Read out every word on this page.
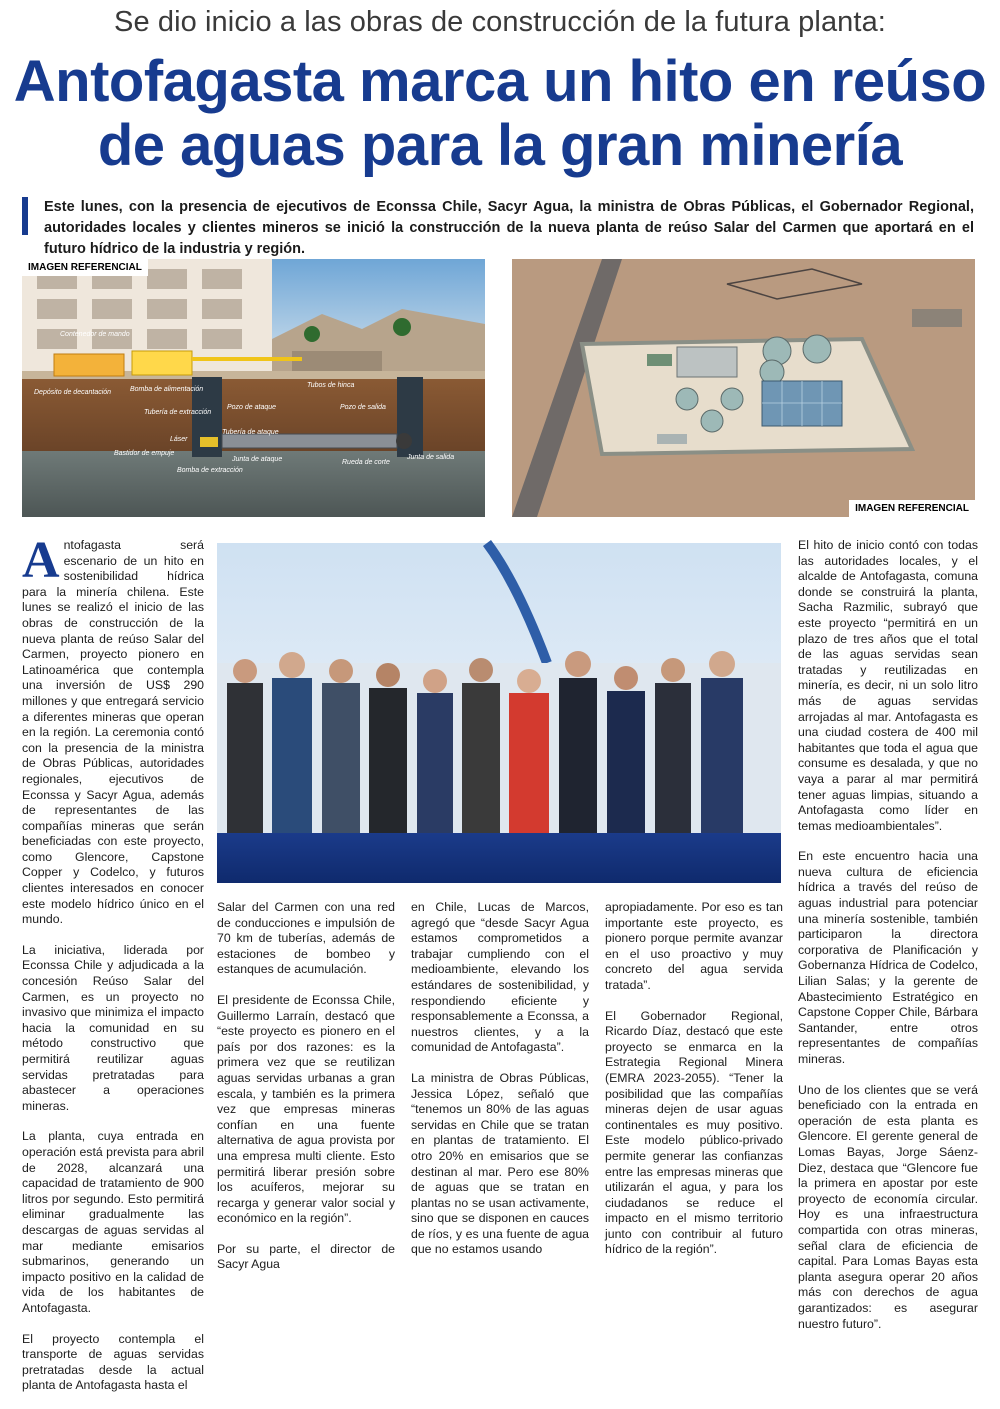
Se dio inicio a las obras de construcción de la futura planta:
Antofagasta marca un hito en reúso
de aguas para la gran minería
Este lunes, con la presencia de ejecutivos de Econssa Chile, Sacyr Agua, la ministra de Obras Públicas, el Gobernador Regional, autoridades locales y clientes mineros se inició la construcción de la nueva planta de reúso Salar del Carmen que aportará en el futuro hídrico de la industria y región.
Contenedor de mando
Depósito de decantación	Bomba de alimentación
Tubería de extracción
Láser
Bastidor de empuje
Bomba de extracción
Pozo de ataque
Tubería de ataque
Junta de ataque
Tubos de hinca
Pozo de salida
Rueda de corte
Junta de salida
IMAGEN REFERENCIAL
IMAGEN REFERENCIAL

Antofagasta será escenario de un hito en sostenibilidad hídrica para la minería chilena. Este lunes se realizó el inicio de las obras de construcción de la nueva planta de reúso Salar del Carmen, proyecto pionero en Latinoamérica que contempla una inversión de US$ 290 millones y que entregará servicio a diferentes mineras que operan en la región. La ceremonia contó con la presencia de la ministra de Obras Públicas, autoridades regionales, ejecutivos de Econssa y Sacyr Agua, además de representantes de las compañías mineras que serán beneficiadas con este proyecto, como Glencore, Capstone Copper y Codelco, y futuros clientes interesados en conocer este modelo hídrico único en el mundo.

La iniciativa, liderada por Econssa Chile y adjudicada a la concesión Reúso Salar del Carmen, es un proyecto no invasivo que minimiza el impacto hacia la comunidad en su método constructivo que permitirá reutilizar aguas servidas pretratadas para abastecer a operaciones mineras.

La planta, cuya entrada en operación está prevista para abril de 2028, alcanzará una capacidad de tratamiento de 900 litros por segundo. Esto permitirá eliminar gradualmente las descargas de aguas servidas al mar mediante emisarios submarinos, generando un impacto positivo en la calidad de vida de los habitantes de Antofagasta.

El proyecto contempla el transporte de aguas servidas pretratadas desde la actual planta de Antofagasta hasta el

Salar del Carmen con una red de conducciones e impulsión de 70 km de tuberías, además de estaciones de bombeo y estanques de acumulación.

El presidente de Econssa Chile, Guillermo Larraín, destacó que “este proyecto es pionero en el país por dos razones: es la primera vez que se reutilizan aguas servidas urbanas a gran escala, y también es la primera vez que empresas mineras confían en una fuente alternativa de agua provista por una empresa multi cliente. Esto permitirá liberar presión sobre los acuíferos, mejorar su recarga y generar valor social y económico en la región”.

Por su parte, el director de Sacyr Agua

en Chile, Lucas de Marcos, agregó que “desde Sacyr Agua estamos comprometidos a trabajar cumpliendo con el medioambiente, elevando los estándares de sostenibilidad, y respondiendo eficiente y responsablemente a Econssa, a nuestros clientes, y a la comunidad de Antofagasta”.

La ministra de Obras Públicas, Jessica López, señaló que “tenemos un 80% de las aguas servidas en Chile que se tratan en plantas de tratamiento. El otro 20% en emisarios que se destinan al mar. Pero ese 80% de aguas que se tratan en plantas no se usan activamente, sino que se disponen en cauces de ríos, y es una fuente de agua que no estamos usando

apropiadamente. Por eso es tan importante este proyecto, es pionero porque permite avanzar en el uso proactivo y muy concreto del agua servida tratada”.

El Gobernador Regional, Ricardo Díaz, destacó que este proyecto se enmarca en la Estrategia Regional Minera (EMRA 2023-2055). “Tener la posibilidad que las compañías mineras dejen de usar aguas continentales es muy positivo. Este modelo público-privado permite generar las confianzas entre las empresas mineras que utilizarán el agua, y para los ciudadanos se reduce el impacto en el mismo territorio junto con contribuir al futuro hídrico de la región”.

El hito de inicio contó con todas las autoridades locales, y el alcalde de Antofagasta, comuna donde se construirá la planta, Sacha Razmilic, subrayó que este proyecto “permitirá en un plazo de tres años que el total de las aguas servidas sean tratadas y reutilizadas en minería, es decir, ni un solo litro más de aguas servidas arrojadas al mar. Antofagasta es una ciudad costera de 400 mil habitantes que toda el agua que consume es desalada, y que no vaya a parar al mar permitirá tener aguas limpias, situando a Antofagasta como líder en temas medioambientales”.

En este encuentro hacia una nueva cultura de eficiencia hídrica a través del reúso de aguas industrial para potenciar una minería sostenible, también participaron la directora corporativa de Planificación y Gobernanza Hídrica de Codelco, Lilian Salas; y la gerente de Abastecimiento Estratégico en Capstone Copper Chile, Bárbara Santander, entre otros representantes de compañías mineras.

Uno de los clientes que se verá beneficiado con la entrada en operación de esta planta es Glencore. El gerente general de Lomas Bayas, Jorge Sáenz-Diez, destaca que “Glencore fue la primera en apostar por este proyecto de economía circular. Hoy es una infraestructura compartida con otras mineras, señal clara de eficiencia de capital. Para Lomas Bayas esta planta asegura operar 20 años más con derechos de agua garantizados: es asegurar nuestro futuro”.
